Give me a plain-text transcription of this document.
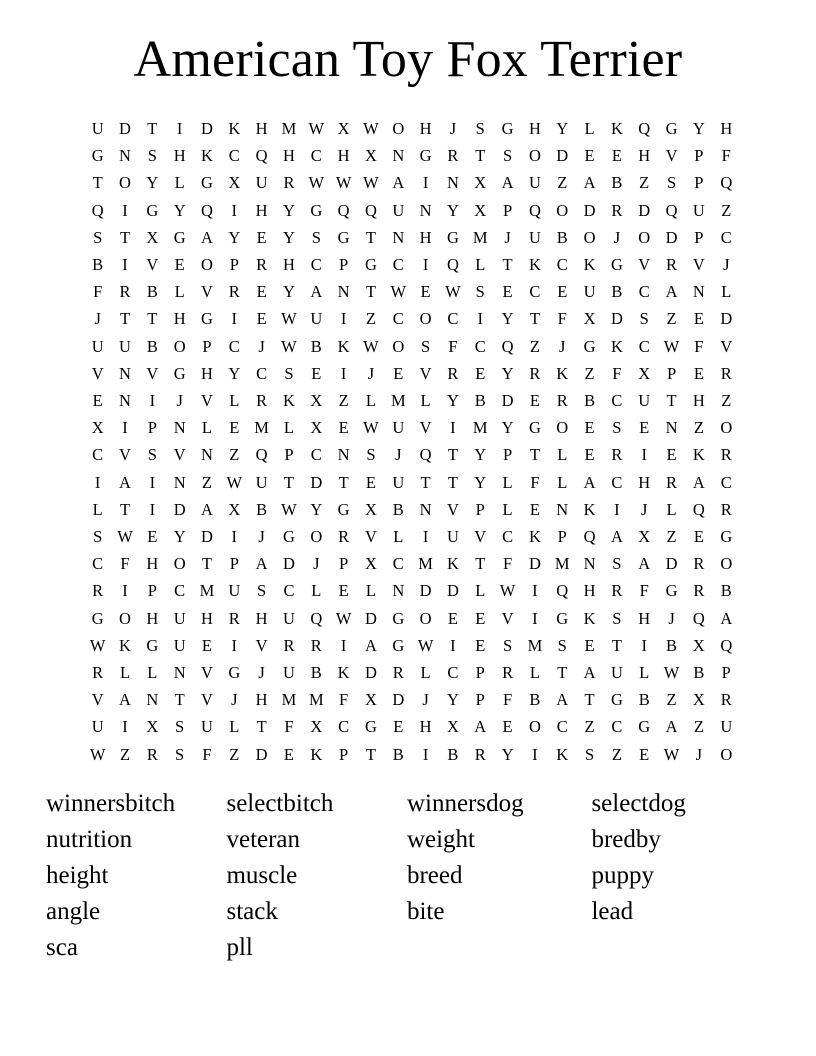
American Toy Fox Terrier
U	D	T	I	D	K	H	M	W	X	W	O	H	J	S	G	H	Y	L	K	Q	G	Y	H
G	N	S	H	K	C	Q	H	C	H	X	N	G	R	T	S	O	D	E	E	H	V	P	F
T	O	Y	L	G	X	U	R	W	W	W	A	I	N	X	A	U	Z	A	B	Z	S	P	Q
Q	I	G	Y	Q	I	H	Y	G	Q	Q	U	N	Y	X	P	Q	O	D	R	D	Q	U	Z
S	T	X	G	A	Y	E	Y	S	G	T	N	H	G	M	J	U	B	O	J	O	D	P	C
B	I	V	E	O	P	R	H	C	P	G	C	I	Q	L	T	K	C	K	G	V	R	V	J
F	R	B	L	V	R	E	Y	A	N	T	W	E	W	S	E	C	E	U	B	C	A	N	L
J	T	T	H	G	I	E	W	U	I	Z	C	O	C	I	Y	T	F	X	D	S	Z	E	D
U	U	B	O	P	C	J	W	B	K	W	O	S	F	C	Q	Z	J	G	K	C	W	F	V
V	N	V	G	H	Y	C	S	E	I	J	E	V	R	E	Y	R	K	Z	F	X	P	E	R
E	N	I	J	V	L	R	K	X	Z	L	M	L	Y	B	D	E	R	B	C	U	T	H	Z
X	I	P	N	L	E	M	L	X	E	W	U	V	I	M	Y	G	O	E	S	E	N	Z	O
C	V	S	V	N	Z	Q	P	C	N	S	J	Q	T	Y	P	T	L	E	R	I	E	K	R
I	A	I	N	Z	W	U	T	D	T	E	U	T	T	Y	L	F	L	A	C	H	R	A	C
L	T	I	D	A	X	B	W	Y	G	X	B	N	V	P	L	E	N	K	I	J	L	Q	R
S	W	E	Y	D	I	J	G	O	R	V	L	I	U	V	C	K	P	Q	A	X	Z	E	G
C	F	H	O	T	P	A	D	J	P	X	C	M	K	T	F	D	M	N	S	A	D	R	O
R	I	P	C	M	U	S	C	L	E	L	N	D	D	L	W	I	Q	H	R	F	G	R	B
G	O	H	U	H	R	H	U	Q	W	D	G	O	E	E	V	I	G	K	S	H	J	Q	A
W	K	G	U	E	I	V	R	R	I	A	G	W	I	E	S	M	S	E	T	I	B	X	Q
R	L	L	N	V	G	J	U	B	K	D	R	L	C	P	R	L	T	A	U	L	W	B	P
V	A	N	T	V	J	H	M	M	F	X	D	J	Y	P	F	B	A	T	G	B	Z	X	R
U	I	X	S	U	L	T	F	X	C	G	E	H	X	A	E	O	C	Z	C	G	A	Z	U
W	Z	R	S	F	Z	D	E	K	P	T	B	I	B	R	Y	I	K	S	Z	E	W	J	O
winnersbitch	selectbitch	winnersdog	selectdog
nutrition	veteran	weight	bredby
height	muscle	breed	puppy
angle	stack	bite	lead
sca	pll		
